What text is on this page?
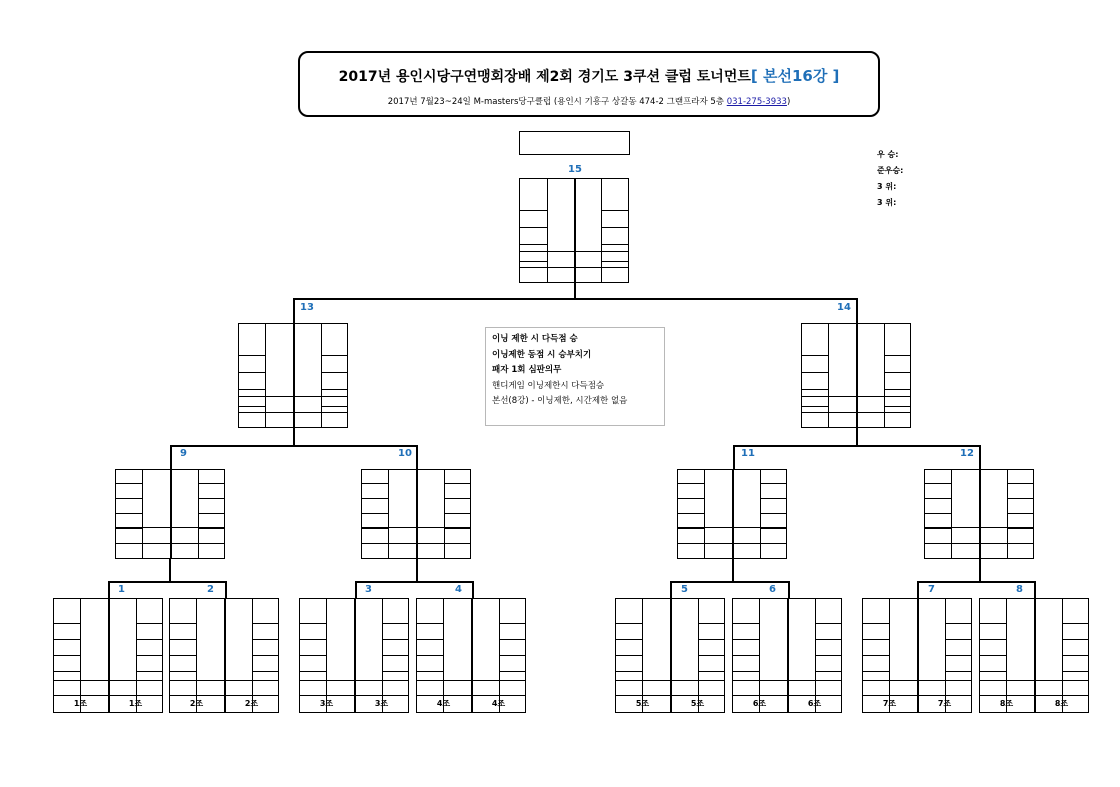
2017년 용인시당구연맹회장배 제2회 경기도 3쿠션 클럽 토너먼트[ 본선16강 ]
2017년 7월23~24일 M-masters당구클럽 (용인시 기흥구 상갈동 474-2 그랜프라자 5층 031-275-3933)
우 승:
준우승:
3 위:
3 위:
이닝 제한 시 다득점 승
이닝제한 동점 시 승부치기
패자 1회 심판의무
핸디게임 이닝제한시 다득점승
본선(8강) - 이닝제한, 시간제한 없음
1조	1조	2조	2조	3조	3조	4조	4조	5조	5조	6조	6조	7조	7조	8조	8조
1	2	3	4	5	6	7	8
9	10	11	12
13	14
15
